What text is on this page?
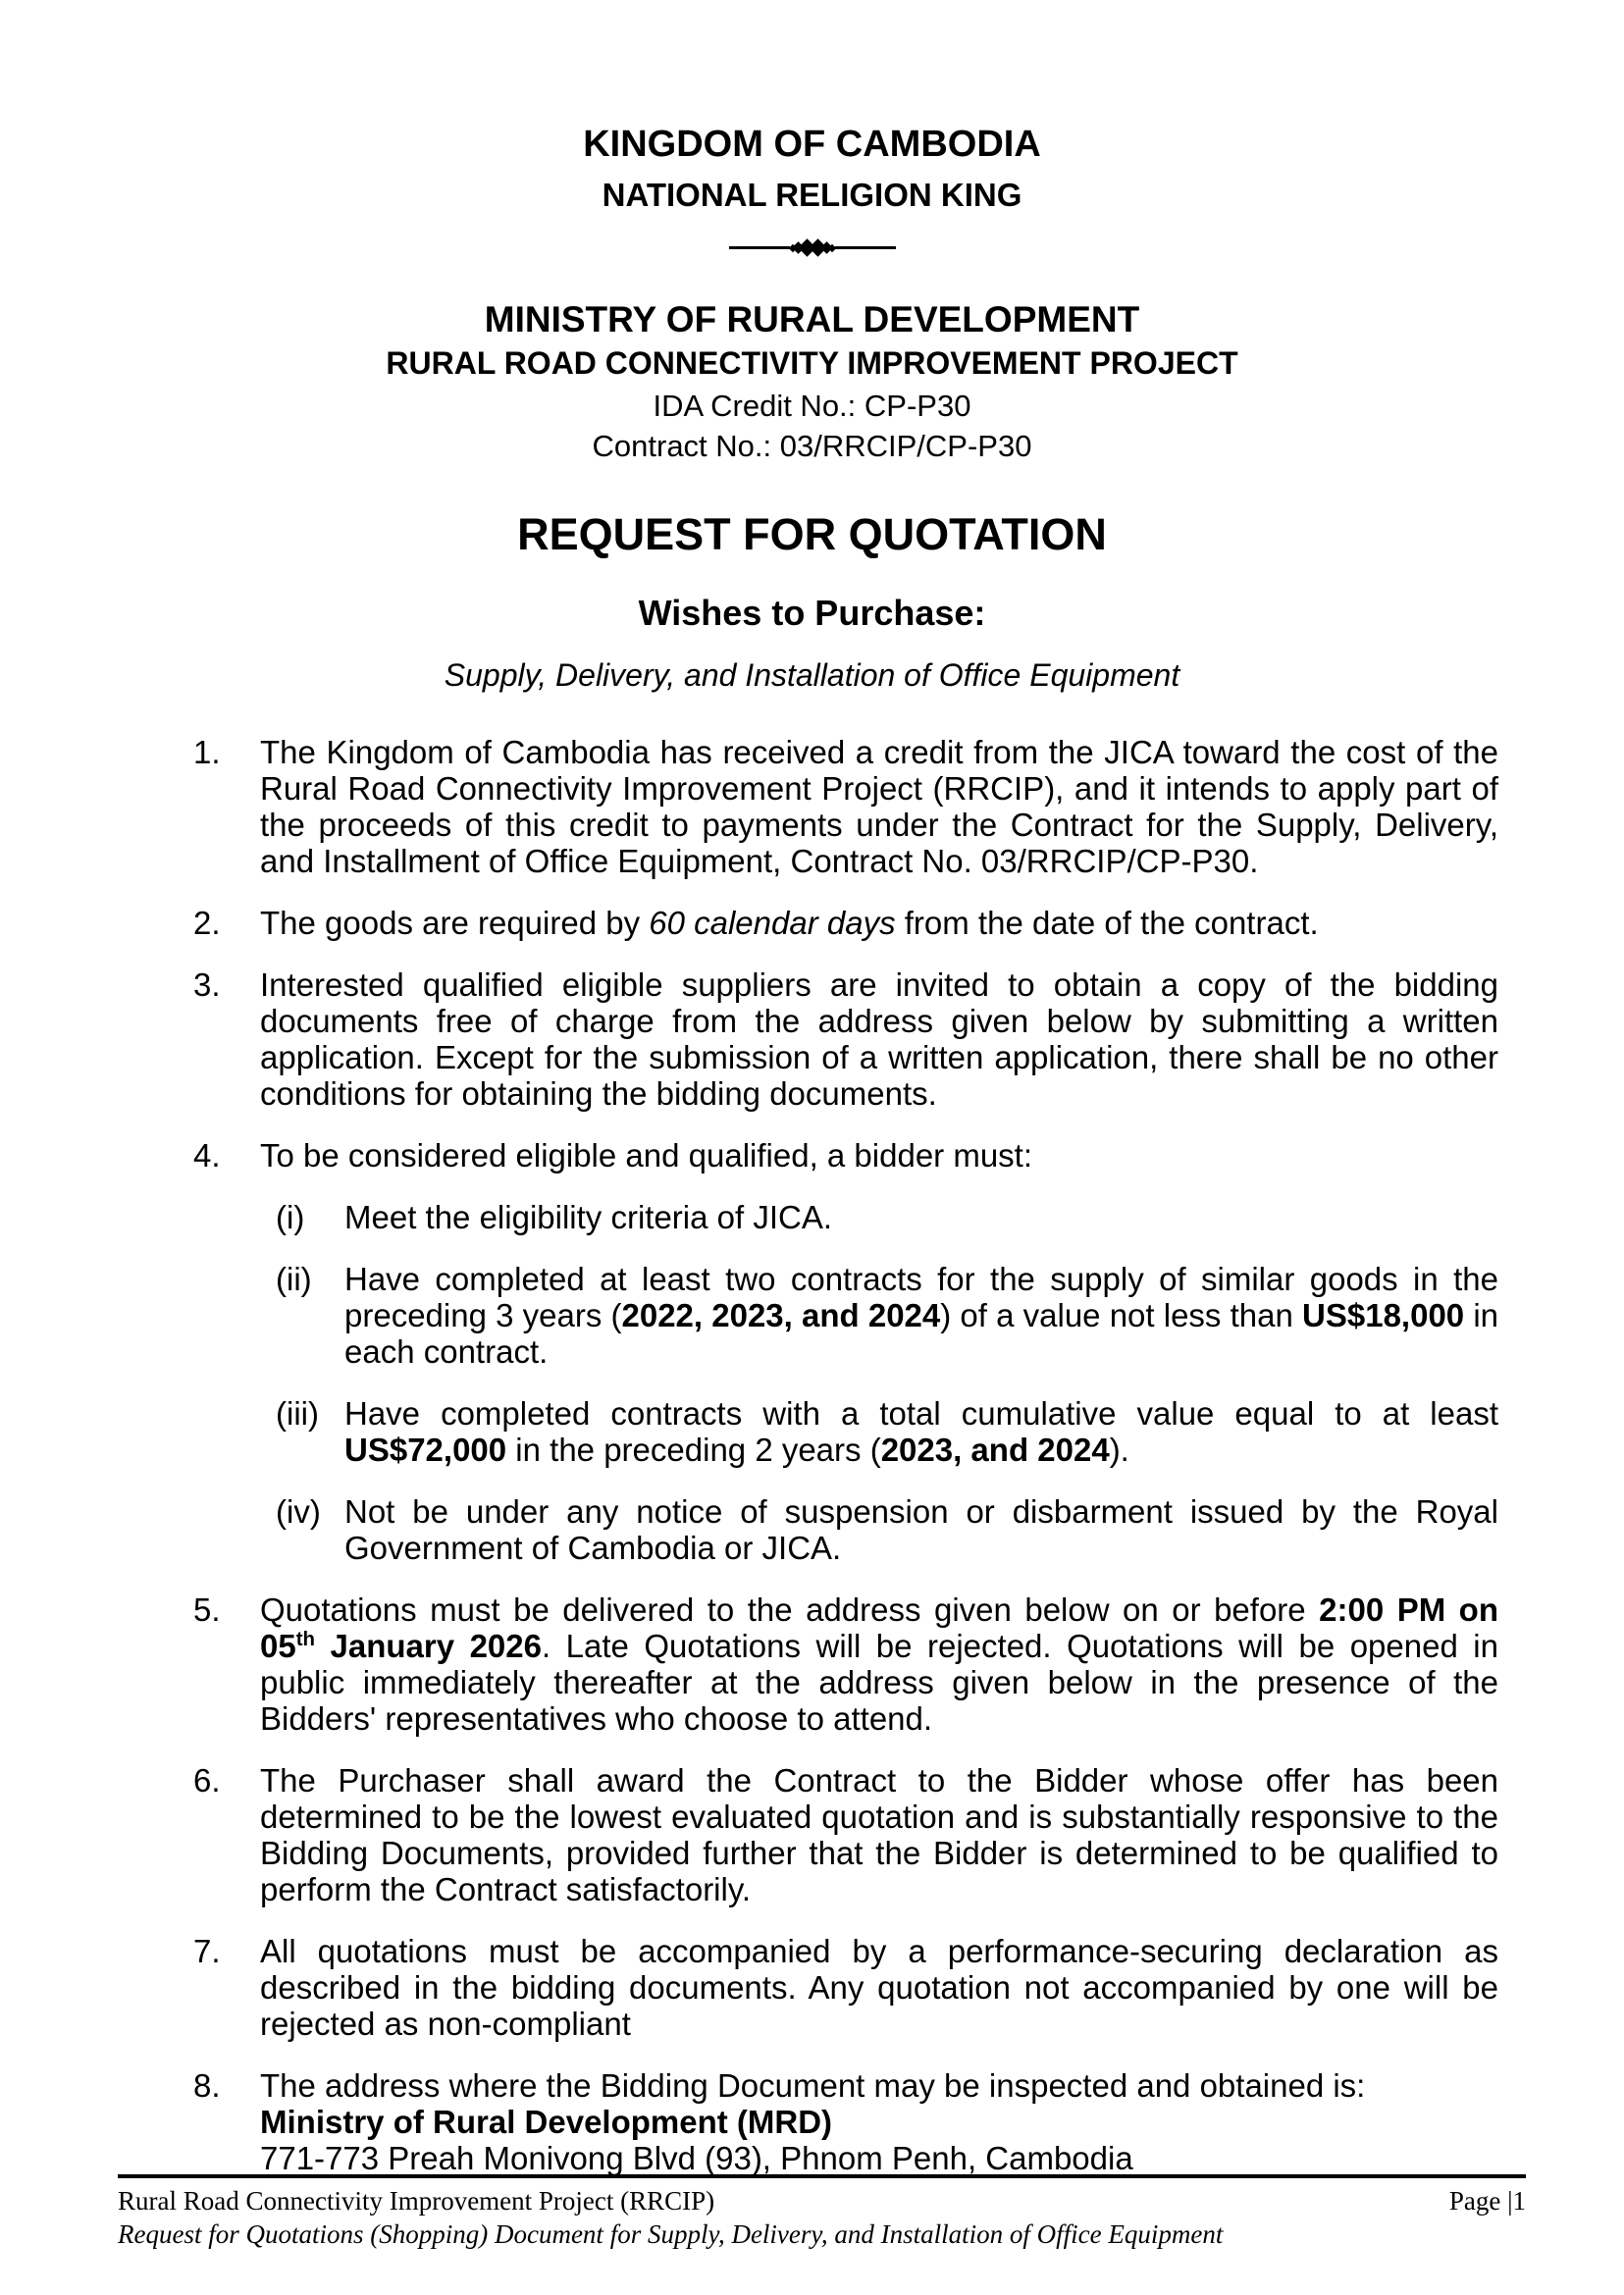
KINGDOM OF CAMBODIA
NATIONAL RELIGION KING
MINISTRY OF RURAL DEVELOPMENT
RURAL ROAD CONNECTIVITY IMPROVEMENT PROJECT
IDA Credit No.: CP-P30
Contract No.: 03/RRCIP/CP-P30
REQUEST FOR QUOTATION
Wishes to Purchase:
Supply, Delivery, and Installation of Office Equipment
1.	The Kingdom of Cambodia has received a credit from the JICA toward the cost of the Rural Road Connectivity Improvement Project (RRCIP), and it intends to apply part of the proceeds of this credit to payments under the Contract for the Supply, Delivery, and Installment of Office Equipment, Contract No. 03/RRCIP/CP-P30.
2.	The goods are required by 60 calendar days from the date of the contract.
3.	Interested qualified eligible suppliers are invited to obtain a copy of the bidding documents free of charge from the address given below by submitting a written application. Except for the submission of a written application, there shall be no other conditions for obtaining the bidding documents.
4.	To be considered eligible and qualified, a bidder must:
(i)	Meet the eligibility criteria of JICA.
(ii)	Have completed at least two contracts for the supply of similar goods in the preceding 3 years (2022, 2023, and 2024) of a value not less than US$18,000 in each contract.
(iii) Have completed contracts with a total cumulative value equal to at least US$72,000 in the preceding 2 years (2023, and 2024).
(iv) Not be under any notice of suspension or disbarment issued by the Royal Government of Cambodia or JICA.
5.	Quotations must be delivered to the address given below on or before 2:00 PM on 05th January 2026. Late Quotations will be rejected. Quotations will be opened in public immediately thereafter at the address given below in the presence of the Bidders' representatives who choose to attend.
6.	The Purchaser shall award the Contract to the Bidder whose offer has been determined to be the lowest evaluated quotation and is substantially responsive to the Bidding Documents, provided further that the Bidder is determined to be qualified to perform the Contract satisfactorily.
7.	All quotations must be accompanied by a performance-securing declaration as described in the bidding documents. Any quotation not accompanied by one will be rejected as non-compliant
8.	The address where the Bidding Document may be inspected and obtained is:
Ministry of Rural Development (MRD)
771-773 Preah Monivong Blvd (93), Phnom Penh, Cambodia
Rural Road Connectivity Improvement Project (RRCIP)	Page |1
Request for Quotations (Shopping) Document for Supply, Delivery, and Installation of Office Equipment
